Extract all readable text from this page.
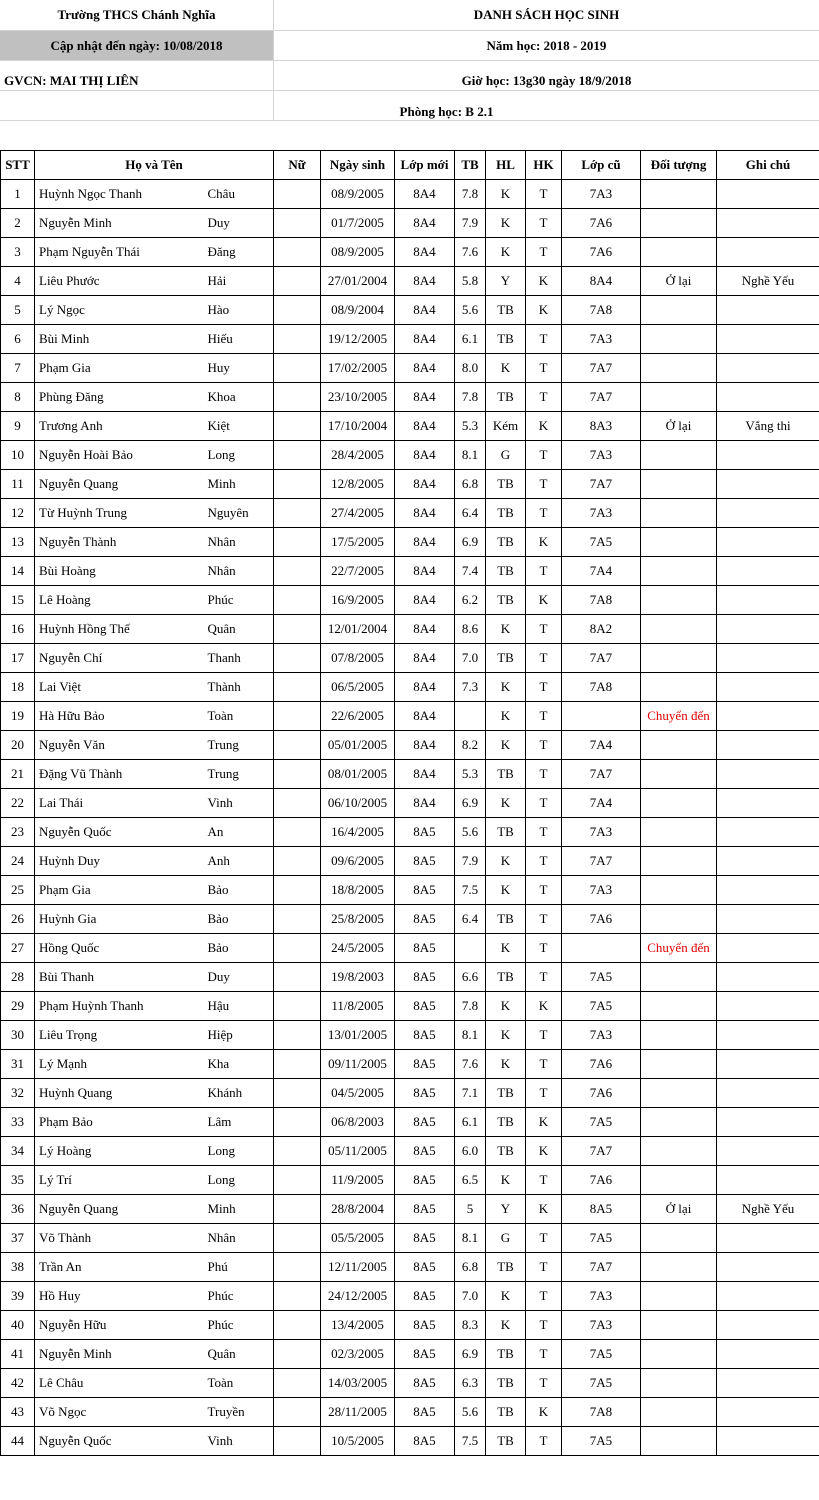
Trường THCS Chánh Nghĩa	DANH SÁCH HỌC SINH
Cập nhật đến ngày: 10/08/2018	Năm học: 2018 - 2019
GVCN: MAI THỊ LIÊN	Giờ học: 13g30 ngày 18/9/2018
Phòng học: B 2.1
STT	Họ và Tên		Nữ	Ngày sinh	Lớp mới	TB	HL	HK	Lớp cũ	Đối tượng	Ghi chú
1	Huỳnh Ngọc Thanh	Châu		08/9/2005	8A4	7.8	K	T	7A3		
2	Nguyễn Minh	Duy		01/7/2005	8A4	7.9	K	T	7A6		
3	Phạm Nguyễn Thái	Đăng		08/9/2005	8A4	7.6	K	T	7A6		
4	Liêu Phước	Hải		27/01/2004	8A4	5.8	Y	K	8A4	Ở lại	Nghề Yếu
5	Lý Ngọc	Hào		08/9/2004	8A4	5.6	TB	K	7A8		
6	Bùi Minh	Hiếu		19/12/2005	8A4	6.1	TB	T	7A3		
7	Phạm Gia	Huy		17/02/2005	8A4	8.0	K	T	7A7		
8	Phùng Đăng	Khoa		23/10/2005	8A4	7.8	TB	T	7A7		
9	Trương Anh	Kiệt		17/10/2004	8A4	5.3	Kém	K	8A3	Ở lại	Vắng thi
10	Nguyễn Hoài Bảo	Long		28/4/2005	8A4	8.1	G	T	7A3		
11	Nguyễn Quang	Minh		12/8/2005	8A4	6.8	TB	T	7A7		
12	Từ Huỳnh Trung	Nguyên		27/4/2005	8A4	6.4	TB	T	7A3		
13	Nguyễn Thành	Nhân		17/5/2005	8A4	6.9	TB	K	7A5		
14	Bùi Hoàng	Nhân		22/7/2005	8A4	7.4	TB	T	7A4		
15	Lê Hoàng	Phúc		16/9/2005	8A4	6.2	TB	K	7A8		
16	Huỳnh Hồng Thế	Quân		12/01/2004	8A4	8.6	K	T	8A2		
17	Nguyễn Chí	Thanh		07/8/2005	8A4	7.0	TB	T	7A7		
18	Lai Việt	Thành		06/5/2005	8A4	7.3	K	T	7A8		
19	Hà Hữu Bảo	Toàn		22/6/2005	8A4		K	T		Chuyển đến	
20	Nguyễn Văn	Trung		05/01/2005	8A4	8.2	K	T	7A4		
21	Đặng Vũ Thành	Trung		08/01/2005	8A4	5.3	TB	T	7A7		
22	Lai Thái	Vinh		06/10/2005	8A4	6.9	K	T	7A4		
23	Nguyễn Quốc	An		16/4/2005	8A5	5.6	TB	T	7A3		
24	Huỳnh Duy	Anh		09/6/2005	8A5	7.9	K	T	7A7		
25	Phạm Gia	Bảo		18/8/2005	8A5	7.5	K	T	7A3		
26	Huỳnh Gia	Bảo		25/8/2005	8A5	6.4	TB	T	7A6		
27	Hồng Quốc	Bảo		24/5/2005	8A5		K	T		Chuyển đến	
28	Bùi Thanh	Duy		19/8/2003	8A5	6.6	TB	T	7A5		
29	Phạm Huỳnh Thanh	Hậu		11/8/2005	8A5	7.8	K	K	7A5		
30	Liêu Trọng	Hiệp		13/01/2005	8A5	8.1	K	T	7A3		
31	Lý Mạnh	Kha		09/11/2005	8A5	7.6	K	T	7A6		
32	Huỳnh Quang	Khánh		04/5/2005	8A5	7.1	TB	T	7A6		
33	Phạm Bảo	Lâm		06/8/2003	8A5	6.1	TB	K	7A5		
34	Lý Hoàng	Long		05/11/2005	8A5	6.0	TB	K	7A7		
35	Lý Trí	Long		11/9/2005	8A5	6.5	K	T	7A6		
36	Nguyễn Quang	Minh		28/8/2004	8A5	5	Y	K	8A5	Ở lại	Nghề Yếu
37	Võ Thành	Nhân		05/5/2005	8A5	8.1	G	T	7A5		
38	Trần An	Phú		12/11/2005	8A5	6.8	TB	T	7A7		
39	Hồ Huy	Phúc		24/12/2005	8A5	7.0	K	T	7A3		
40	Nguyễn Hữu	Phúc		13/4/2005	8A5	8.3	K	T	7A3		
41	Nguyễn Minh	Quân		02/3/2005	8A5	6.9	TB	T	7A5		
42	Lê Châu	Toàn		14/03/2005	8A5	6.3	TB	T	7A5		
43	Võ Ngọc	Truyền		28/11/2005	8A5	5.6	TB	K	7A8		
44	Nguyễn Quốc	Vinh		10/5/2005	8A5	7.5	TB	T	7A5		
